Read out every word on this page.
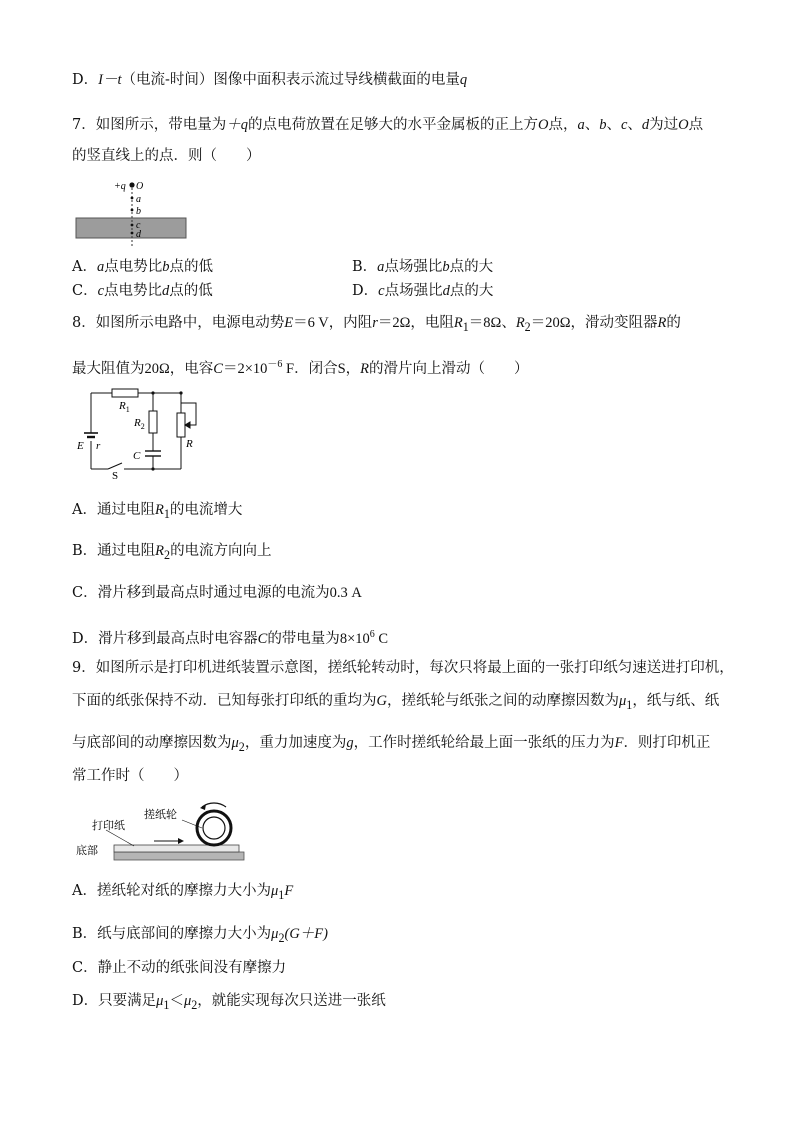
D．I－t（电流-时间）图像中面积表示流过导线横截面的电量q
7．如图所示，带电量为＋q的点电荷放置在足够大的水平金属板的正上方O点，a、b、c、d为过O点
的竖直线上的点．则（　　）
+q O
a
b
c
d
A．a点电势比b点的低	B．a点场强比b点的大
C．c点电势比d点的低	D．c点场强比d点的大
8．如图所示电路中，电源电动势E＝6 V，内阻r＝2Ω，电阻$R_1=8\Omega$、$R_2=20\Omega$，滑动变阻器R的
最大阻值为20Ω，电容$C=2\times 10^{-6}$ F．闭合S，R的滑片向上滑动（　　）
$R_1$
$R_2$
R
C
E r
S
A．通过电阻$R_1$的电流增大
B．通过电阻$R_2$的电流方向向上
C．滑片移到最高点时通过电源的电流为0.3 A
D．滑片移到最高点时电容器C的带电量为$8\times 10^6$ C
9．如图所示是打印机进纸装置示意图，搓纸轮转动时，每次只将最上面的一张打印纸匀速送进打印机，
下面的纸张保持不动．已知每张打印纸的重均为G，搓纸轮与纸张之间的动摩擦因数为$\mu_1$，纸与纸、纸
与底部间的动摩擦因数为$\mu_2$，重力加速度为g，工作时搓纸轮给最上面一张纸的压力为F．则打印机正
常工作时（　　）
搓纸轮
打印纸
底部
A．搓纸轮对纸的摩擦力大小为$\mu_1F$
B．纸与底部间的摩擦力大小为$\mu_2(G+F)$
C．静止不动的纸张间没有摩擦力
D．只要满足$\mu_1<\mu_2$，就能实现每次只送进一张纸
